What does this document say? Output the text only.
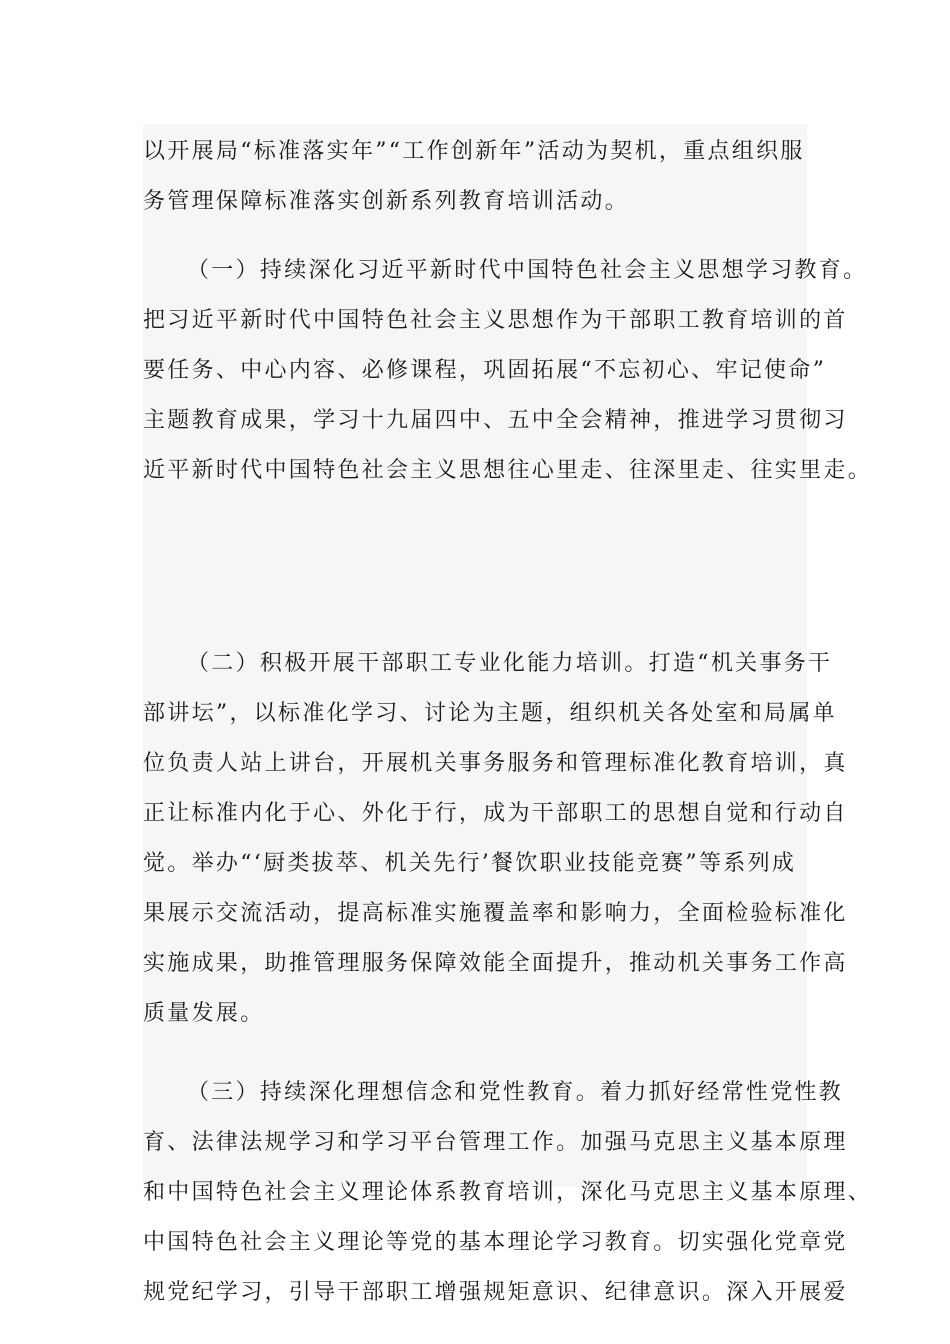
以开展局“标准落实年”“工作创新年”活动为契机，重点组织服
务管理保障标准落实创新系列教育培训活动。
（一）持续深化习近平新时代中国特色社会主义思想学习教育。
把习近平新时代中国特色社会主义思想作为干部职工教育培训的首
要任务、中心内容、必修课程，巩固拓展“不忘初心、牢记使命”
主题教育成果，学习十九届四中、五中全会精神，推进学习贯彻习
近平新时代中国特色社会主义思想往心里走、往深里走、往实里走。
（二）积极开展干部职工专业化能力培训。打造“机关事务干
部讲坛”，以标准化学习、讨论为主题，组织机关各处室和局属单
位负责人站上讲台，开展机关事务服务和管理标准化教育培训，真
正让标准内化于心、外化于行，成为干部职工的思想自觉和行动自
觉。举办“‘厨类拔萃、机关先行’餐饮职业技能竞赛”等系列成
果展示交流活动，提高标准实施覆盖率和影响力，全面检验标准化
实施成果，助推管理服务保障效能全面提升，推动机关事务工作高
质量发展。
（三）持续深化理想信念和党性教育。着力抓好经常性党性教
育、法律法规学习和学习平台管理工作。加强马克思主义基本原理
和中国特色社会主义理论体系教育培训，深化马克思主义基本原理、
中国特色社会主义理论等党的基本理论学习教育。切实强化党章党
规党纪学习，引导干部职工增强规矩意识、纪律意识。深入开展爱
